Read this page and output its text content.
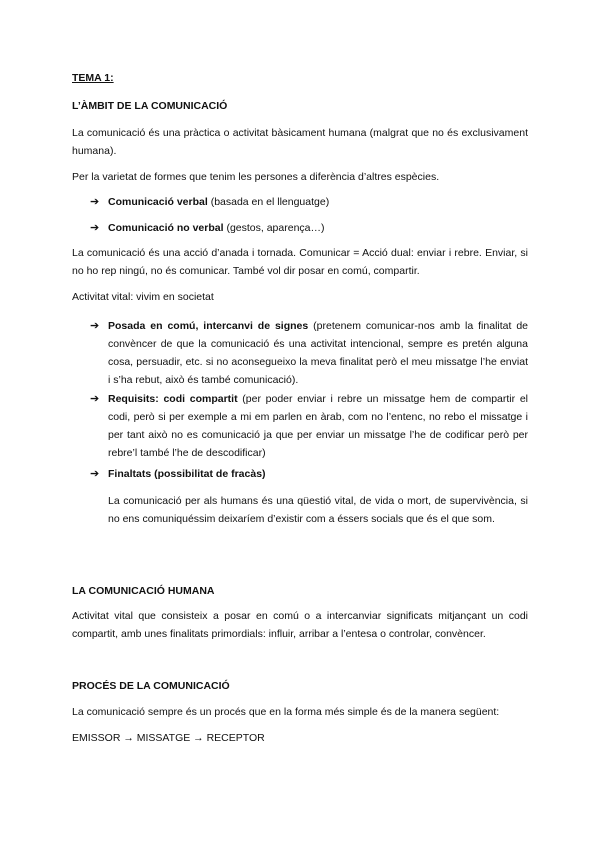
TEMA 1:
L’ÀMBIT DE LA COMUNICACIÓ

La comunicació és una pràctica o activitat bàsicament humana (malgrat que no és exclusivament humana).

Per la varietat de formes que tenim les persones a diferència d’altres espècies.

➔ Comunicació verbal (basada en el llenguatge)
➔ Comunicació no verbal (gestos, aparença…)

La comunicació és una acció d’anada i tornada. Comunicar = Acció dual: enviar i rebre. Enviar, si no ho rep ningú, no és comunicar. També vol dir posar en comú, compartir.

Activitat vital: vivim en societat

➔ Posada en comú, intercanvi de signes (pretenem comunicar-nos amb la finalitat de convèncer de que la comunicació és una activitat intencional, sempre es pretén alguna cosa, persuadir, etc. si no aconsegueixo la meva finalitat però el meu missatge l’he enviat i s’ha rebut, això és també comunicació).
➔ Requisits: codi compartit (per poder enviar i rebre un missatge hem de compartir el codi, però si per exemple a mi em parlen en àrab, com no l’entenc, no rebo el missatge i per tant això no es comunicació ja que per enviar un missatge l’he de codificar però per rebre’l també l’he de descodificar)
➔ Finaltats (possibilitat de fracàs)

La comunicació per als humans és una qüestió vital, de vida o mort, de supervivència, si no ens comuniquéssim deixaríem d’existir com a éssers socials que és el que som.

LA COMUNICACIÓ HUMANA

Activitat vital que consisteix a posar en comú o a intercanviar significats mitjançant un codi compartit, amb unes finalitats primordials: influir, arribar a l’entesa o controlar, convèncer.

PROCÉS DE LA COMUNICACIÓ

La comunicació sempre és un procés que en la forma més simple és de la manera següent:

EMISSOR → MISSATGE → RECEPTOR
